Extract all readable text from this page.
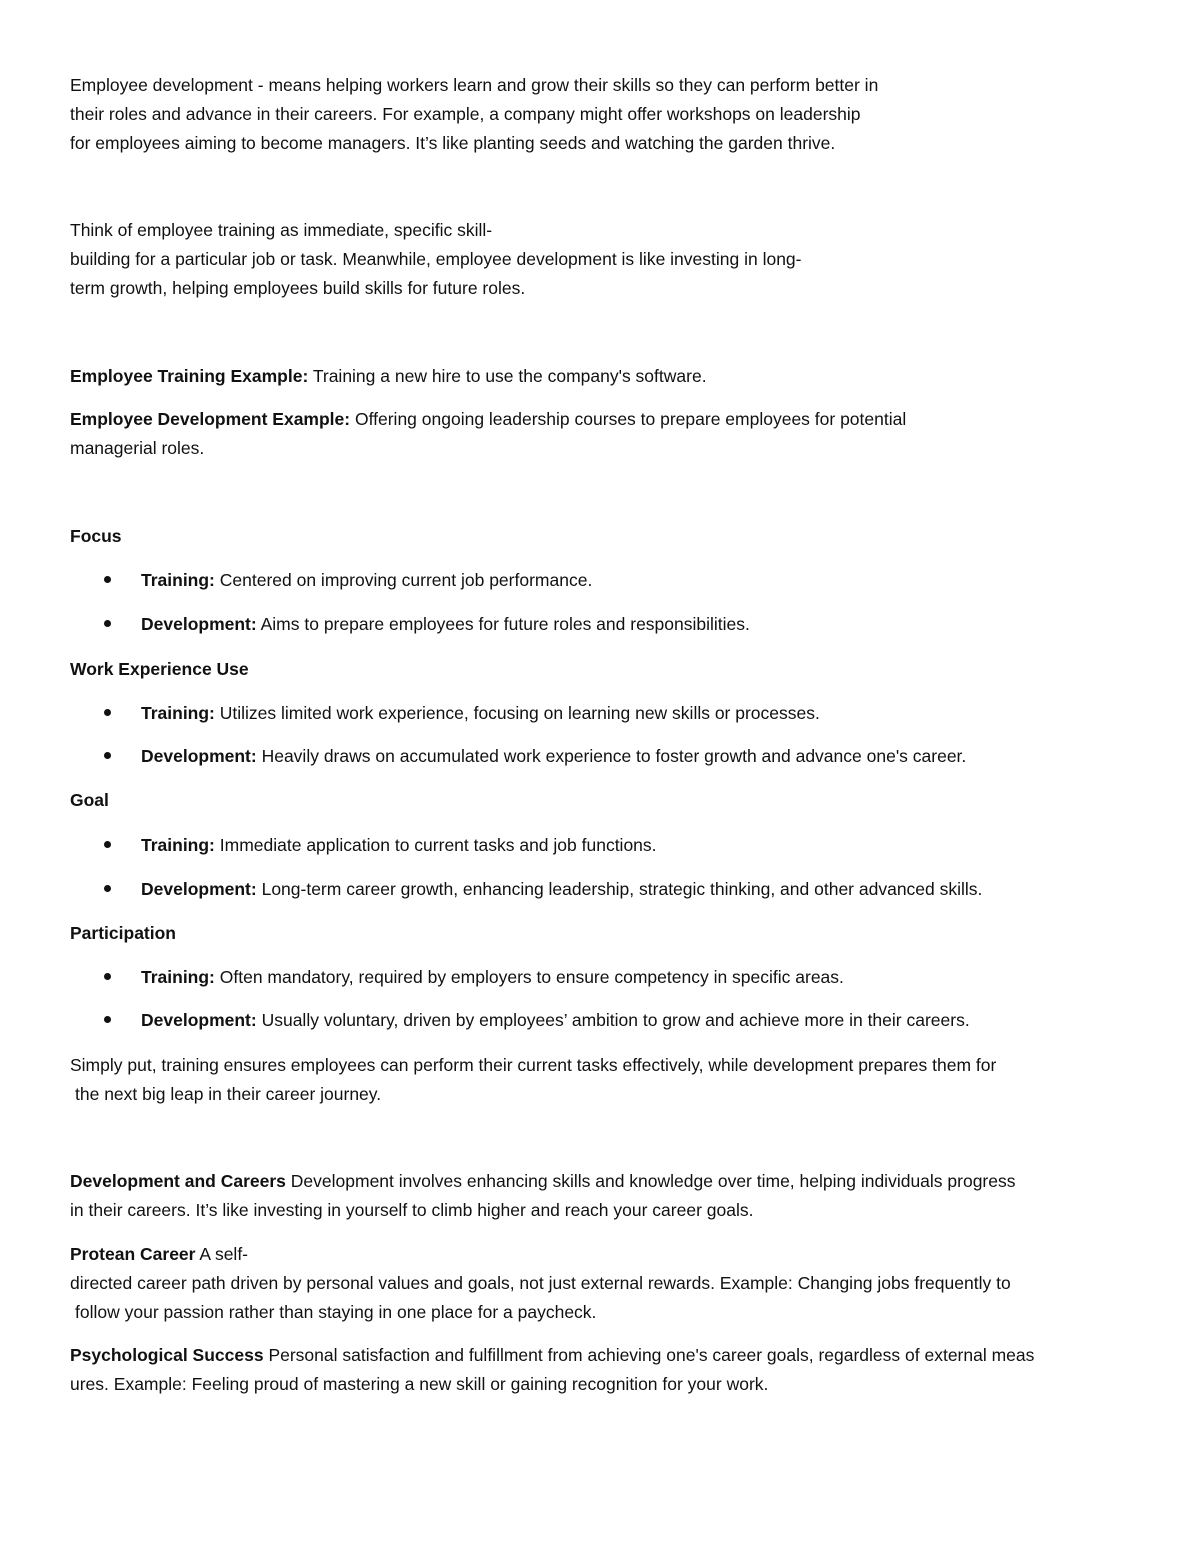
Employee development - means helping workers learn and grow their skills so they can perform better in
their roles and advance in their careers. For example, a company might offer workshops on leadership
for employees aiming to become managers. It’s like planting seeds and watching the garden thrive.
Think of employee training as immediate, specific skill-
building for a particular job or task. Meanwhile, employee development is like investing in long-
term growth, helping employees build skills for future roles.
Employee Training Example: Training a new hire to use the company's software.
Employee Development Example: Offering ongoing leadership courses to prepare employees for potential
managerial roles.
Focus
Training: Centered on improving current job performance.
Development: Aims to prepare employees for future roles and responsibilities.
Work Experience Use
Training: Utilizes limited work experience, focusing on learning new skills or processes.
Development: Heavily draws on accumulated work experience to foster growth and advance one's career.
Goal
Training: Immediate application to current tasks and job functions.
Development: Long-term career growth, enhancing leadership, strategic thinking, and other advanced skills.
Participation
Training: Often mandatory, required by employers to ensure competency in specific areas.
Development: Usually voluntary, driven by employees’ ambition to grow and achieve more in their careers.
Simply put, training ensures employees can perform their current tasks effectively, while development prepares them for
the next big leap in their career journey.
Development and Careers Development involves enhancing skills and knowledge over time, helping individuals progress
in their careers. It’s like investing in yourself to climb higher and reach your career goals.
Protean Career A self-
directed career path driven by personal values and goals, not just external rewards. Example: Changing jobs frequently to
follow your passion rather than staying in one place for a paycheck.
Psychological Success Personal satisfaction and fulfillment from achieving one's career goals, regardless of external meas
ures. Example: Feeling proud of mastering a new skill or gaining recognition for your work.
